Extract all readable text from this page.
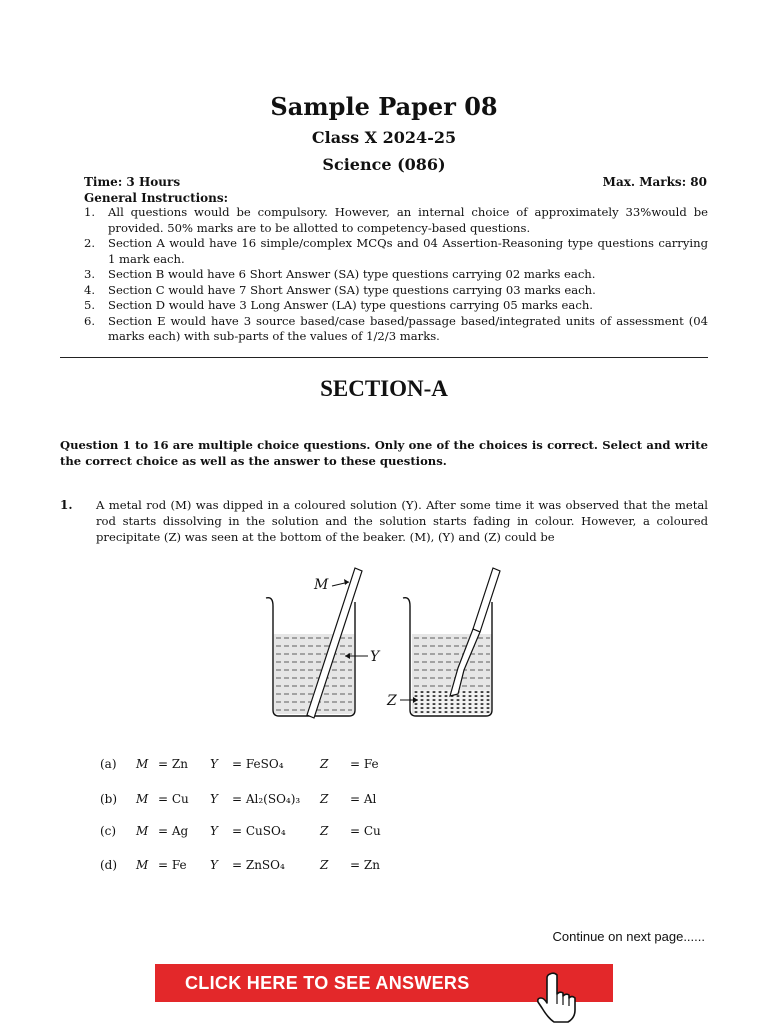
Sample Paper 08
Class X 2024-25
Science (086)
Time: 3 Hours	Max. Marks: 80
General Instructions:
1. All questions would be compulsory. However, an internal choice of approximately 33%would be provided. 50% marks are to be allotted to competency-based questions.
2. Section A would have 16 simple/complex MCQs and 04 Assertion-Reasoning type questions carrying 1 mark each.
3. Section B would have 6 Short Answer (SA) type questions carrying 02 marks each.
4. Section C would have 7 Short Answer (SA) type questions carrying 03 marks each.
5. Section D would have 3 Long Answer (LA) type questions carrying 05 marks each.
6. Section E would have 3 source based/case based/passage based/integrated units of assessment (04 marks each) with sub-parts of the values of 1/2/3 marks.
SECTION-A
Question 1 to 16 are multiple choice questions. Only one of the choices is correct. Select and write the correct choice as well as the answer to these questions.
1. A metal rod (M) was dipped in a coloured solution (Y). After some time it was observed that the metal rod starts dissolving in the solution and the solution starts fading in colour. However, a coloured precipitate (Z) was seen at the bottom of the beaker. (M), (Y) and (Z) could be
M
Y
Z
(a) M = Zn Y = FeSO₄	Z = Fe
(b) M = Cu Y = Al₂(SO₄)₃ Z = Al
(c) M = Ag Y = CuSO₄	Z = Cu
(d) M = Fe Y = ZnSO₄	Z = Zn
Continue on next page......
CLICK HERE TO SEE ANSWERS
